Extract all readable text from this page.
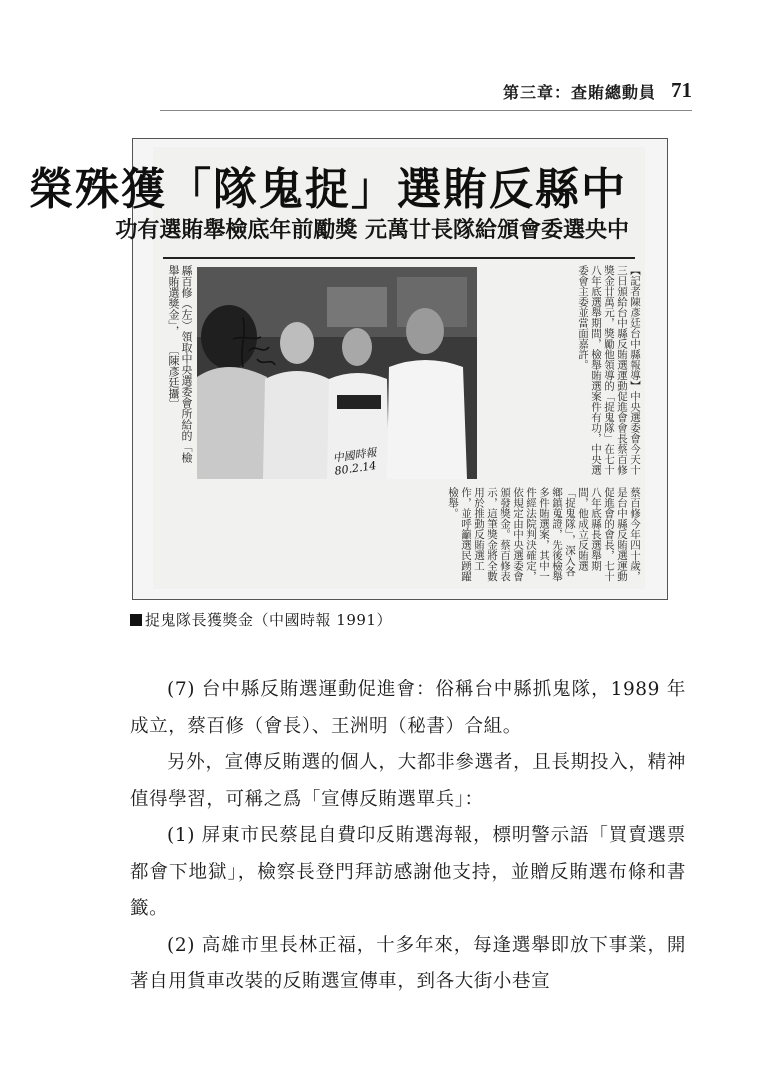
第三章：查賄總動員 71
中縣反賄選「捉鬼隊」獲殊榮
中央選委會頒給隊長廿萬元 獎勵前年底檢舉賄選有功
中國時報 80.2.14
縣百修（左）領取中央選委會所給的「檢舉賄選獎金」， 〔陳彥廷攝〕	【記者陳彥廷台中縣報導】中央選委會今天十三日頒給台中縣反賄選運動促進會會長蔡百修獎金廿萬元，獎勵他領導的「捉鬼隊」在七十八年底選舉期間，檢舉賄選案件有功，中央選委會主委並當面嘉許。
蔡百修今年四十歲，是台中縣反賄選運動促進會的會長，七十八年底縣長選舉期間，他成立反賄選「捉鬼隊」，深入各鄉鎮蒐證，先後檢舉多件賄選案，其中一件經法院判決確定，依規定由中央選委會頒發獎金。蔡百修表示，這筆獎金將全數用於推動反賄選工作，並呼籲選民踴躍檢舉。
捉鬼隊長獲獎金（中國時報 1991）

(7) 台中縣反賄選運動促進會：俗稱台中縣抓鬼隊，1989 年成立，蔡百修（會長）、王洲明（秘書）合組。

另外，宣傳反賄選的個人，大都非參選者，且長期投入，精神值得學習，可稱之爲「宣傳反賄選單兵」：

(1) 屏東市民蔡昆自費印反賄選海報，標明警示語「買賣選票都會下地獄」，檢察長登門拜訪感謝他支持，並贈反賄選布條和書籤。

(2) 高雄市里長林正福，十多年來，每逢選舉即放下事業，開著自用貨車改裝的反賄選宣傳車，到各大街小巷宣
